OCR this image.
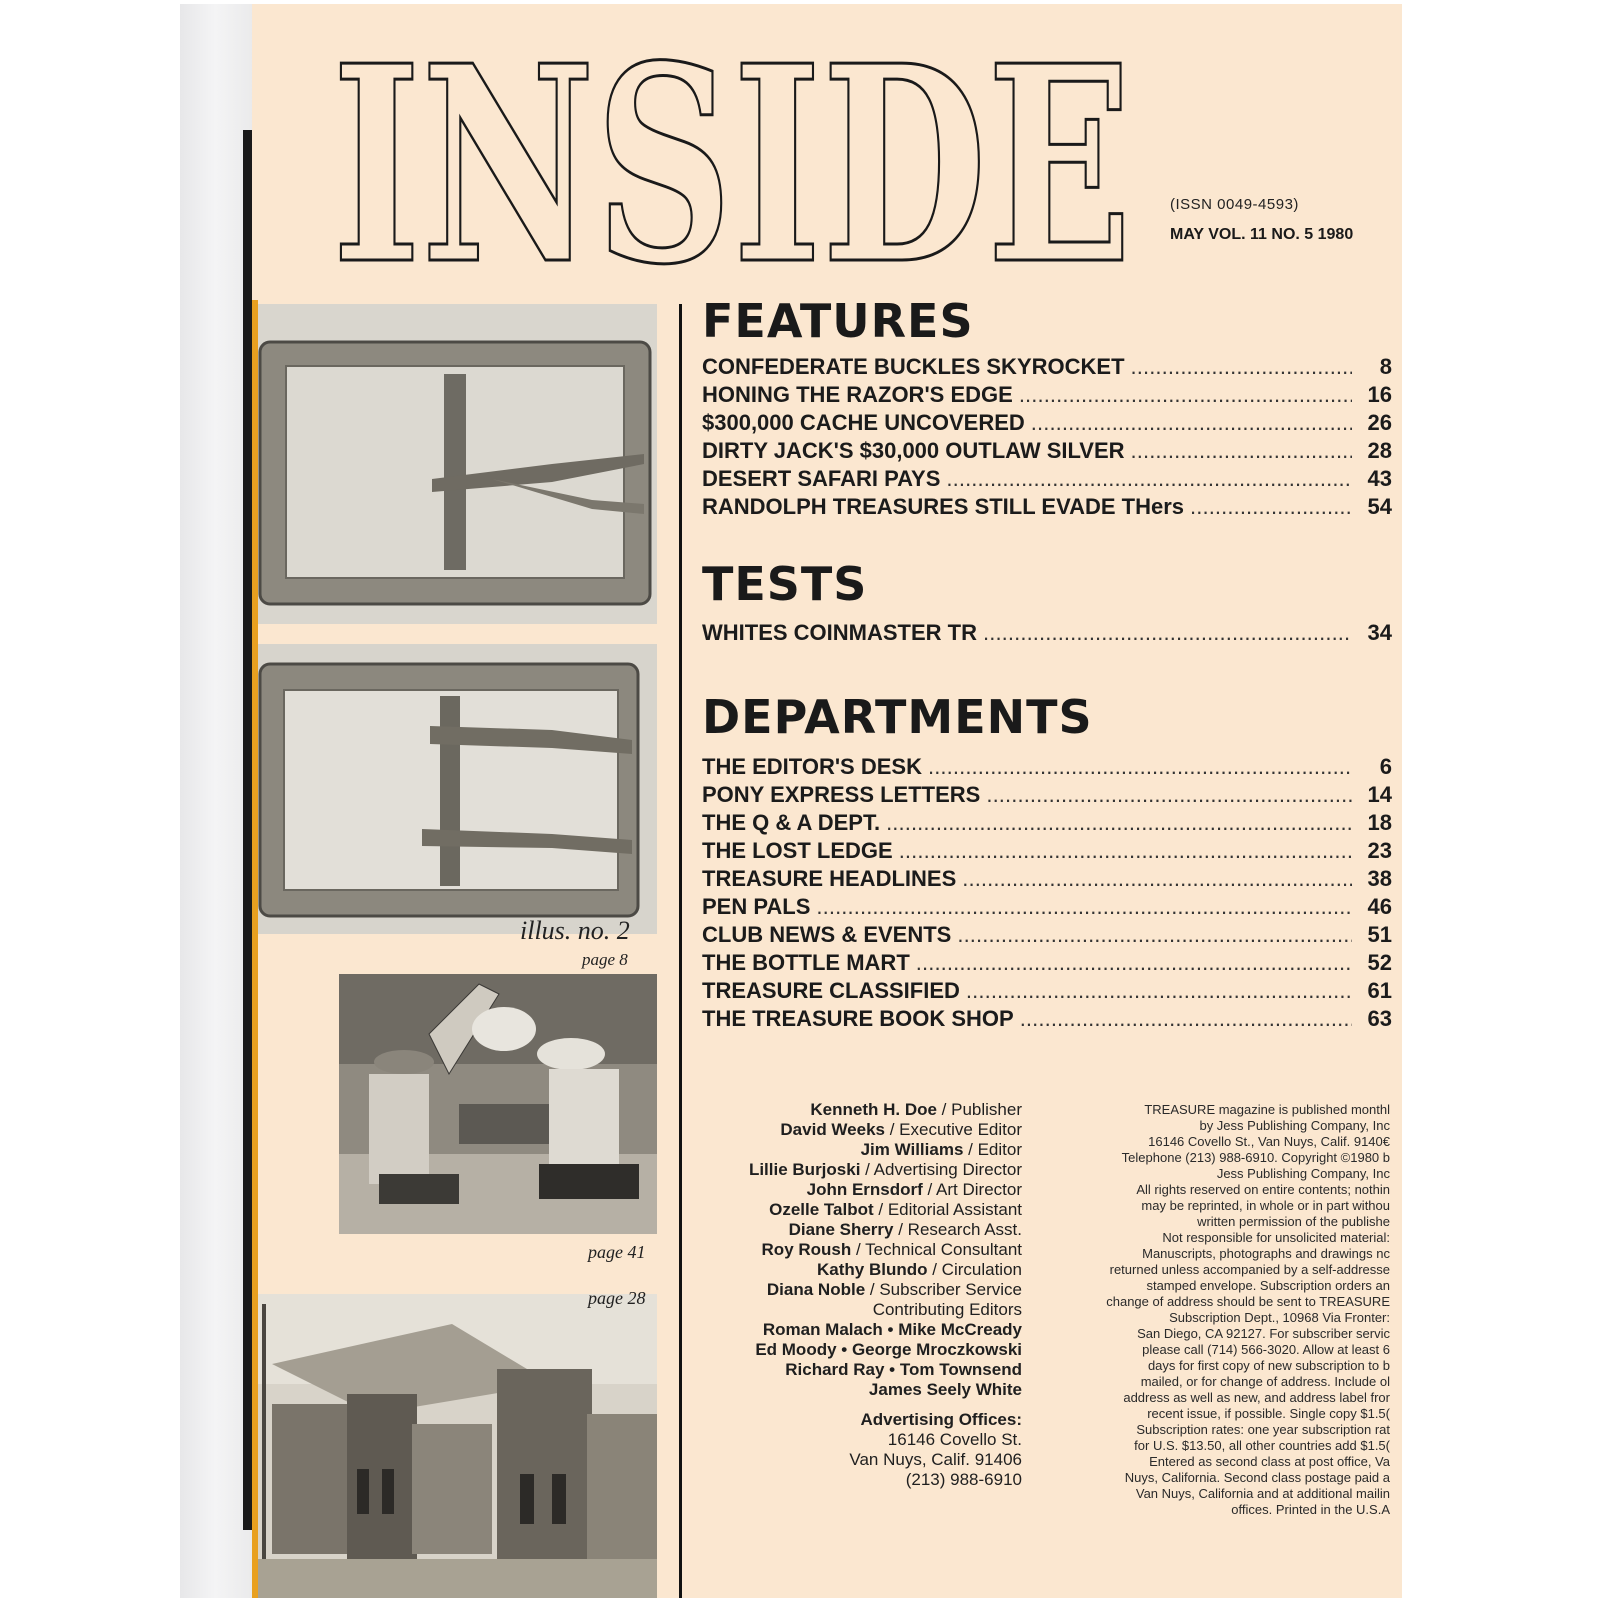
INSIDE	(ISSN 0049-4593)
MAY VOL. 11 NO. 5 1980
illus. no. 2
page 8
page 41
page 28
FEATURES
CONFEDERATE BUCKLES SKYROCKET . . .	8
HONING THE RAZOR'S EDGE . . .	16
$300,000 CACHE UNCOVERED . . .	26
DIRTY JACK'S $30,000 OUTLAW SILVER . . .	28
DESERT SAFARI PAYS . . .	43
RANDOLPH TREASURES STILL EVADE THers . . .	54
TESTS
WHITES COINMASTER TR . . .	34
DEPARTMENTS
THE EDITOR'S DESK . . .	6
PONY EXPRESS LETTERS . . .	14
THE Q & A DEPT. . . .	18
THE LOST LEDGE . . .	23
TREASURE HEADLINES . . .	38
PEN PALS . . .	46
CLUB NEWS & EVENTS . . .	51
THE BOTTLE MART . . .	52
TREASURE CLASSIFIED . . .	61
THE TREASURE BOOK SHOP . . .	63
Kenneth H. Doe / Publisher
David Weeks / Executive Editor
Jim Williams / Editor
Lillie Burjoski / Advertising Director
John Ernsdorf / Art Director
Ozelle Talbot / Editorial Assistant
Diane Sherry / Research Asst.
Roy Roush / Technical Consultant
Kathy Blundo / Circulation
Diana Noble / Subscriber Service
Contributing Editors
Roman Malach • Mike McCready
Ed Moody • George Mroczkowski
Richard Ray • Tom Townsend
James Seely White
Advertising Offices:
16146 Covello St.
Van Nuys, Calif. 91406
(213) 988-6910
TREASURE magazine is published monthl
by Jess Publishing Company, Inc
16146 Covello St., Van Nuys, Calif. 9140€
Telephone (213) 988-6910. Copyright ©1980 b
Jess Publishing Company, Inc
All rights reserved on entire contents; nothin
may be reprinted, in whole or in part withou
written permission of the publishe
Not responsible for unsolicited material:
Manuscripts, photographs and drawings nc
returned unless accompanied by a self-addresse
stamped envelope. Subscription orders an
change of address should be sent to TREASURE
Subscription Dept., 10968 Via Fronter:
San Diego, CA 92127. For subscriber servic
please call (714) 566-3020. Allow at least 6
days for first copy of new subscription to b
mailed, or for change of address. Include ol
address as well as new, and address label fror
recent issue, if possible. Single copy $1.5(
Subscription rates: one year subscription rat
for U.S. $13.50, all other countries add $1.5(
Entered as second class at post office, Va
Nuys, California. Second class postage paid a
Van Nuys, California and at additional mailin
offices. Printed in the U.S.A
